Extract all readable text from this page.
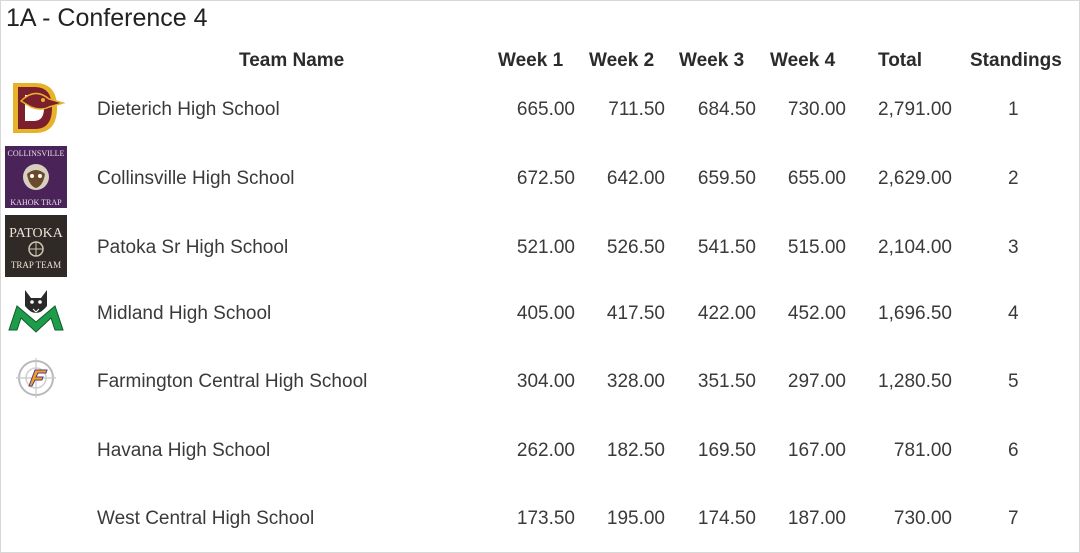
1A - Conference 4
Team Name	Week 1 Week 2 Week 3 Week 4 Total	Standings
Dieterich High School	665.00 711.50 684.50 730.00 2,791.00	1
COLLINSVILLE
KAHOK TRAP
Collinsville High School	672.50 642.00 659.50 655.00 2,629.00	2
PATOKA
TRAP TEAM
Patoka Sr High School	521.00 526.50 541.50 515.00 2,104.00	3
Midland High School	405.00 417.50 422.00 452.00 1,696.50	4
Farmington Central High School	304.00 328.00 351.50 297.00 1,280.50	5
Havana High School	262.00 182.50 169.50 167.00	781.00	6
West Central High School	173.50 195.00 174.50 187.00	730.00	7
